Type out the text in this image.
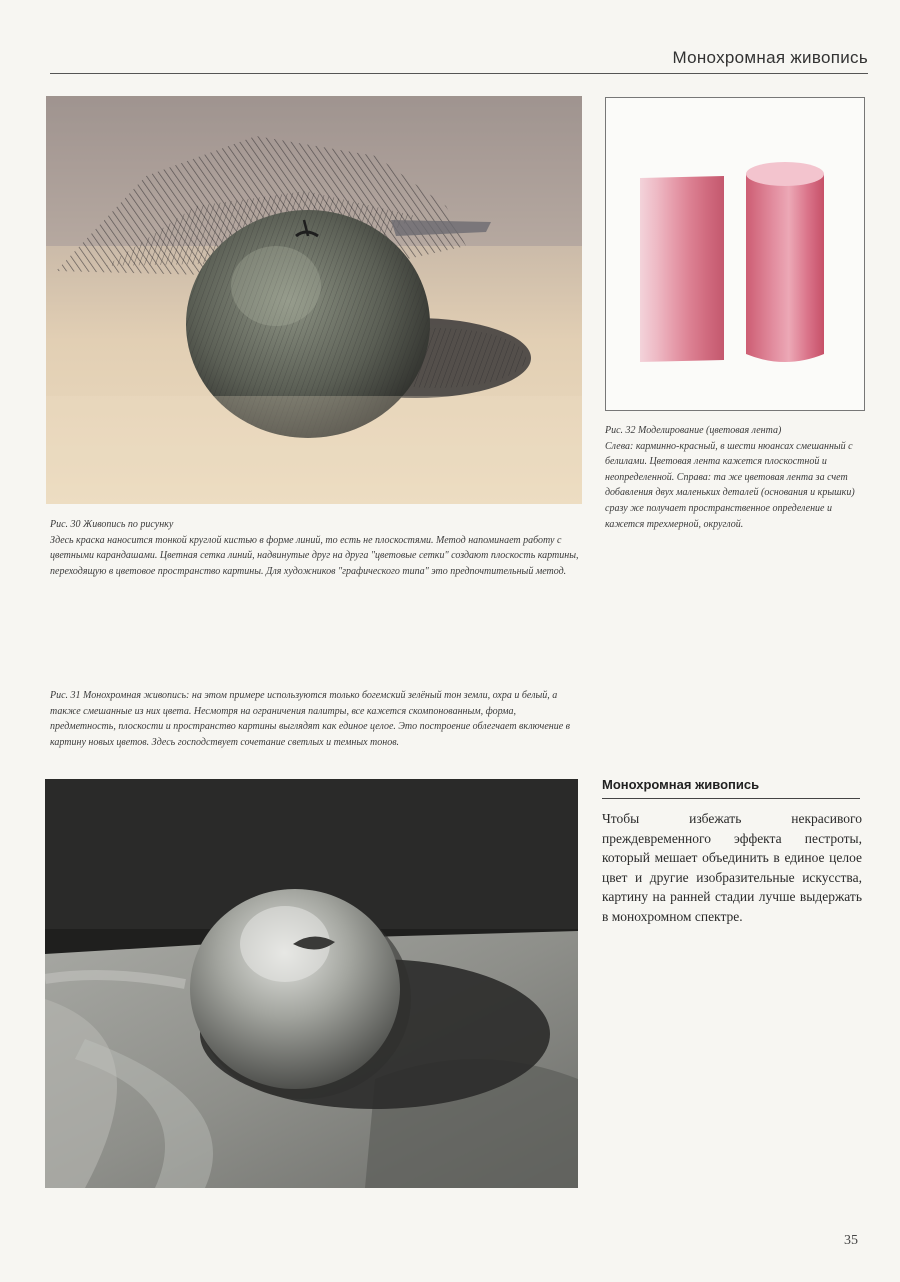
Монохромная живопись
Рис. 32 Моделирование (цветовая лента)
Слева: карминно-красный, в шести нюансах смешанный с белилами. Цветовая лента кажется плоскостной и неопределенной. Справа: та же цветовая лента за счет добавления двух маленьких деталей (основания и крышки) сразу же получает пространственное определение и кажется трехмерной, округлой.
Рис. 30 Живопись по рисунку
Здесь краска наносится тонкой круглой кистью в форме линий, то есть не плоскостями. Метод напоминает работу с цветными карандашами. Цветная сетка линий, надвинутые друг на друга "цветовые сетки" создают плоскость картины, переходящую в цветовое пространство картины. Для художников "графического типа" это предпочтительный метод.
Рис. 31 Монохромная живопись: на этом примере используются только богемский зелёный тон земли, охра и белый, а также смешанные из них цвета. Несмотря на ограничения палитры, все кажется скомпонованным, форма, предметность, плоскости и пространство картины выглядят как единое целое. Это построение облегчает включение в картину новых цветов. Здесь господствует сочетание светлых и темных тонов.
Монохромная живопись
Чтобы избежать некрасивого преждевременного эффекта пестроты, который мешает объединить в единое целое цвет и другие изобразительные искусства, картину на ранней стадии лучше выдержать в монохромном спектре.
35
